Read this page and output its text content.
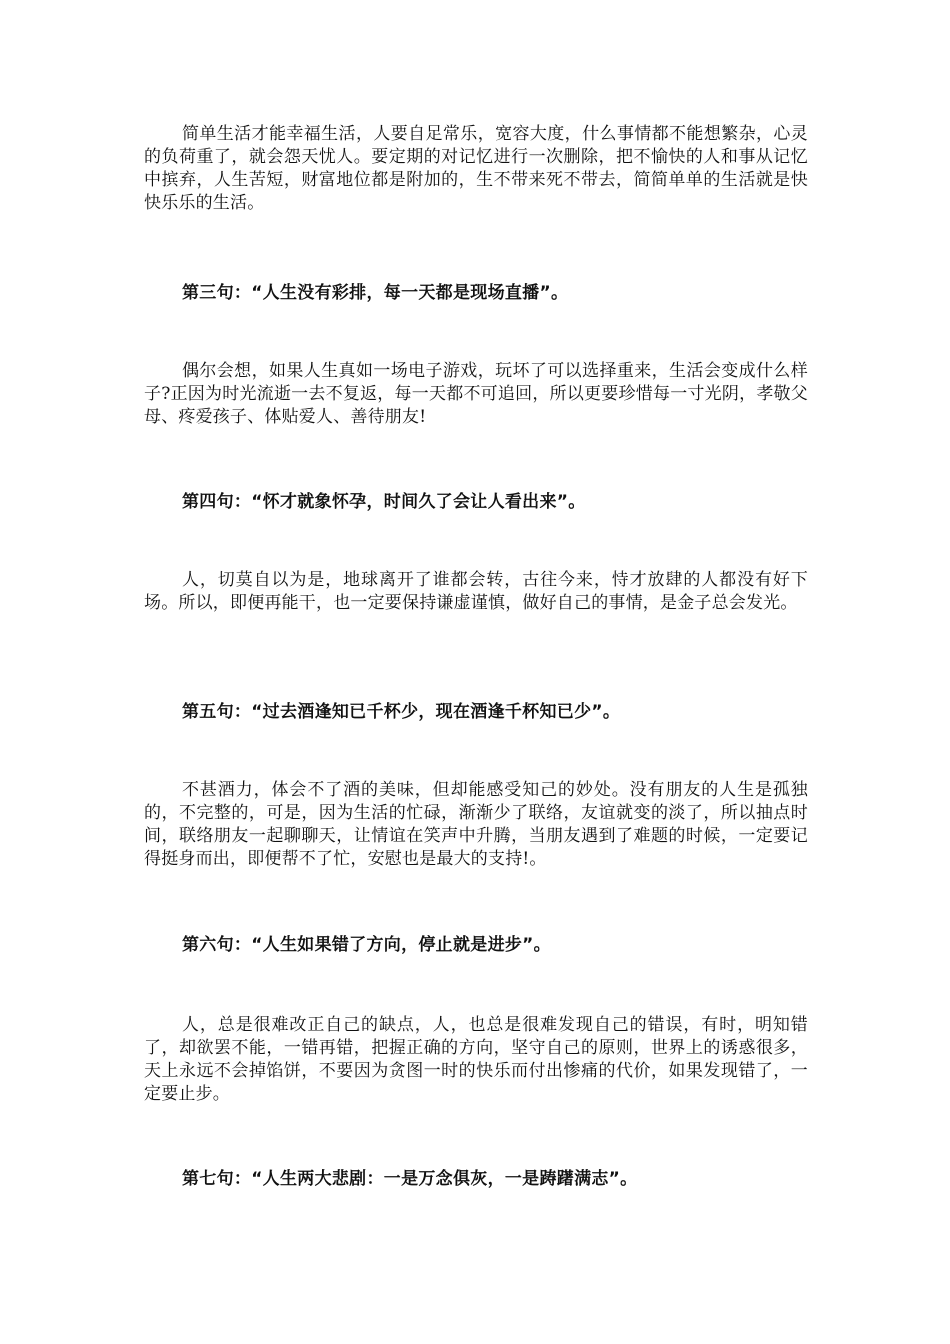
简单生活才能幸福生活，人要自足常乐，宽容大度，什么事情都不能想繁杂，心灵的负荷重了，就会怨天忧人。要定期的对记忆进行一次删除，把不愉快的人和事从记忆中摈弃，人生苦短，财富地位都是附加的，生不带来死不带去，简简单单的生活就是快快乐乐的生活。

第三句：“人生没有彩排，每一天都是现场直播”。

偶尔会想，如果人生真如一场电子游戏，玩坏了可以选择重来，生活会变成什么样子?正因为时光流逝一去不复返，每一天都不可追回，所以更要珍惜每一寸光阴，孝敬父母、疼爱孩子、体贴爱人、善待朋友!

第四句：“怀才就象怀孕，时间久了会让人看出来”。

人，切莫自以为是，地球离开了谁都会转，古往今来，恃才放肆的人都没有好下场。所以，即便再能干，也一定要保持谦虚谨慎，做好自己的事情，是金子总会发光。

第五句：“过去酒逢知已千杯少，现在酒逢千杯知已少”。

不甚酒力，体会不了酒的美味，但却能感受知己的妙处。没有朋友的人生是孤独的，不完整的，可是，因为生活的忙碌，渐渐少了联络，友谊就变的淡了，所以抽点时间，联络朋友一起聊聊天，让情谊在笑声中升腾，当朋友遇到了难题的时候，一定要记得挺身而出，即便帮不了忙，安慰也是最大的支持!。

第六句：“人生如果错了方向，停止就是进步”。

人，总是很难改正自己的缺点，人，也总是很难发现自己的错误，有时，明知错了，却欲罢不能，一错再错，把握正确的方向，坚守自己的原则，世界上的诱惑很多，天上永远不会掉馅饼，不要因为贪图一时的快乐而付出惨痛的代价，如果发现错了，一定要止步。

第七句：“人生两大悲剧：一是万念俱灰，一是踌躇满志”。
